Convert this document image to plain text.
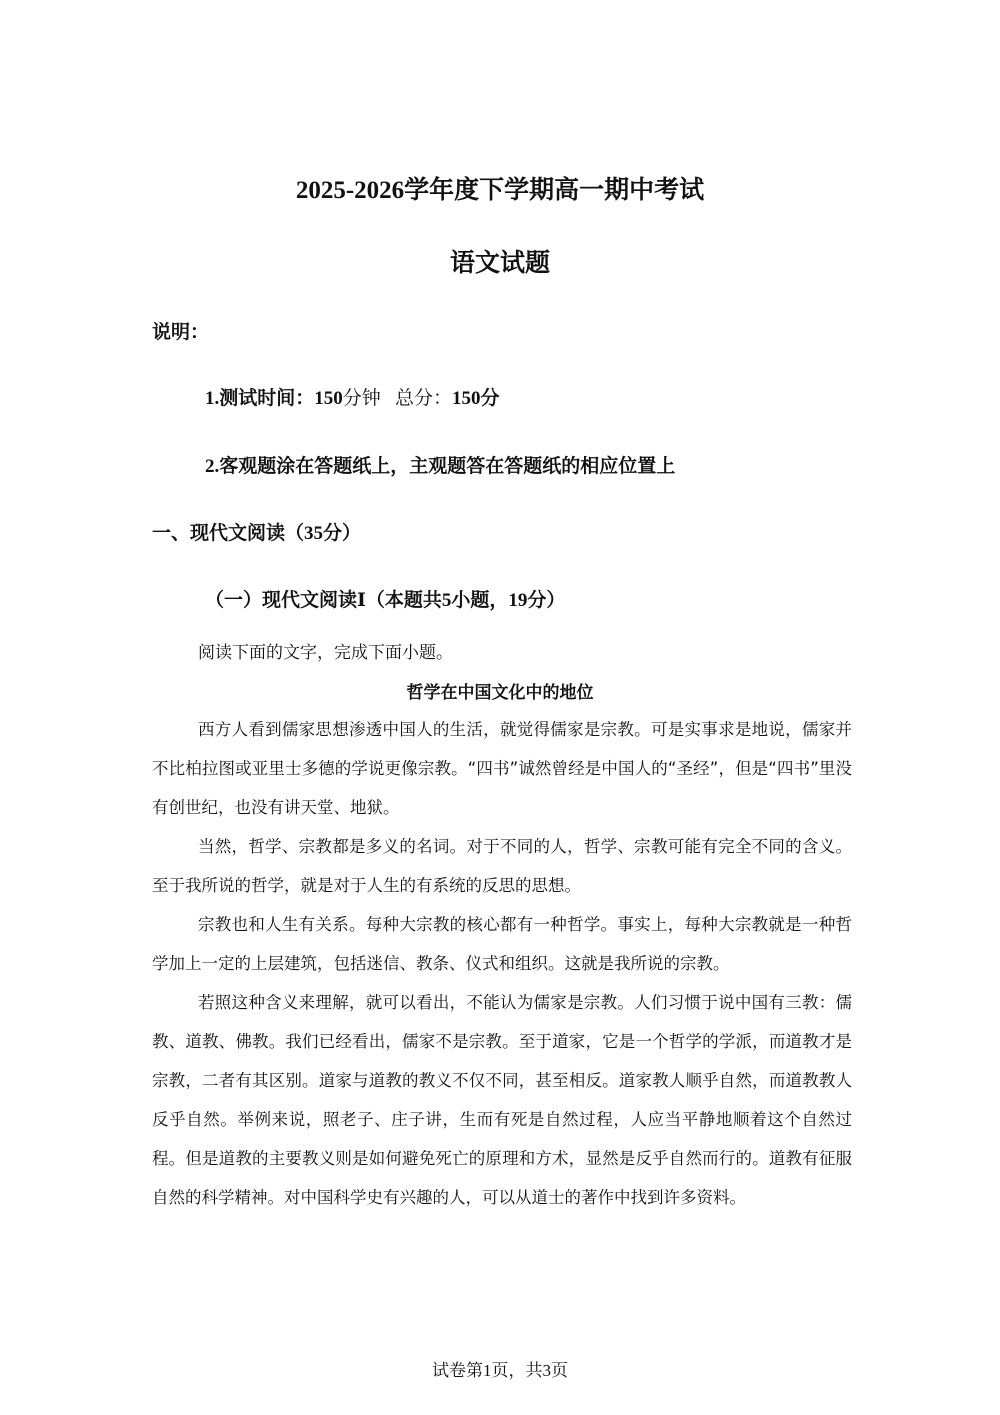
2025-2026学年度下学期高一期中考试
语文试题
说明：
1.测试时间：150分钟 总分：150分
2.客观题涂在答题纸上，主观题答在答题纸的相应位置上
一、现代文阅读（35分）
（一）现代文阅读Ⅰ（本题共5小题，19分）
阅读下面的文字，完成下面小题。
哲学在中国文化中的地位

西方人看到儒家思想渗透中国人的生活，就觉得儒家是宗教。可是实事求是地说，儒家并不比柏拉图或亚里士多德的学说更像宗教。“四书”诚然曾经是中国人的“圣经”，但是“四书”里没有创世纪，也没有讲天堂、地狱。

当然，哲学、宗教都是多义的名词。对于不同的人，哲学、宗教可能有完全不同的含义。至于我所说的哲学，就是对于人生的有系统的反思的思想。

宗教也和人生有关系。每种大宗教的核心都有一种哲学。事实上，每种大宗教就是一种哲学加上一定的上层建筑，包括迷信、教条、仪式和组织。这就是我所说的宗教。

若照这种含义来理解，就可以看出，不能认为儒家是宗教。人们习惯于说中国有三教：儒教、道教、佛教。我们已经看出，儒家不是宗教。至于道家，它是一个哲学的学派，而道教才是宗教，二者有其区别。道家与道教的教义不仅不同，甚至相反。道家教人顺乎自然，而道教教人反乎自然。举例来说，照老子、庄子讲，生而有死是自然过程，人应当平静地顺着这个自然过程。但是道教的主要教义则是如何避免死亡的原理和方术，显然是反乎自然而行的。道教有征服自然的科学精神。对中国科学史有兴趣的人，可以从道士的著作中找到许多资料。

试卷第1页，共3页
